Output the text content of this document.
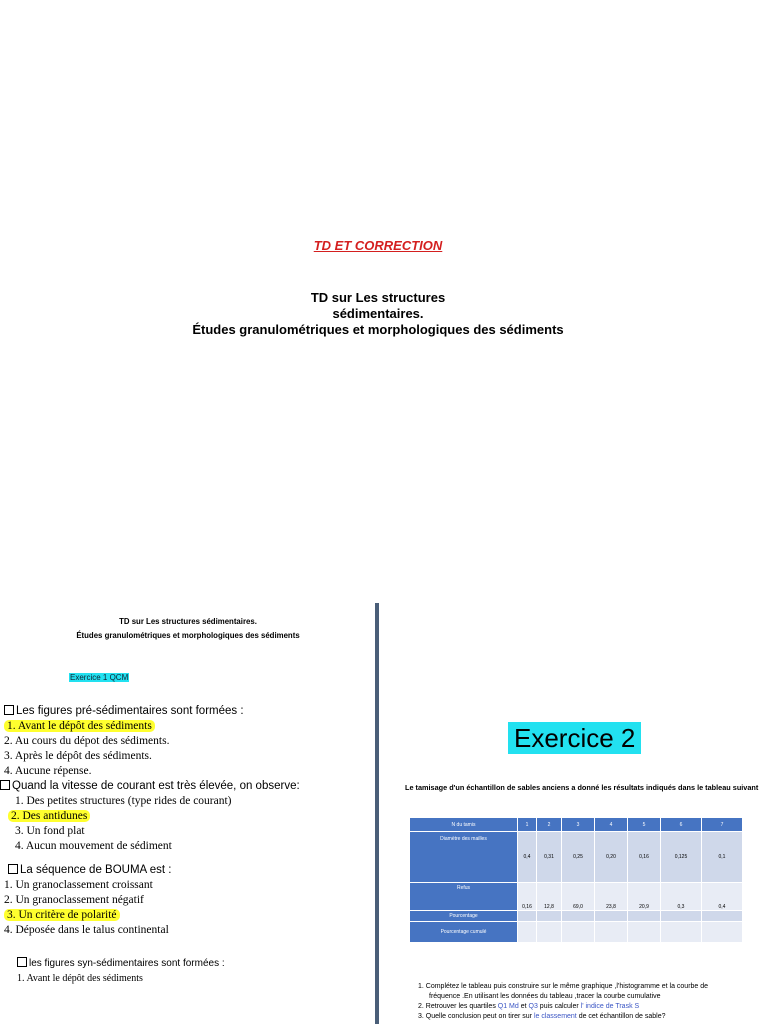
TD ET CORRECTION
TD sur Les structures
sédimentaires.
Études granulométriques et morphologiques des sédiments
TD sur Les structures sédimentaires.
Études granulométriques et morphologiques des sédiments
Exercice 1 QCM
Les figures pré-sédimentaires sont formées :
1. Avant le dépôt des sédiments
2. Au cours du dépot des sédiments.
3. Après le dépôt des sédiments.
4. Aucune répense.
Quand la vitesse de courant est très élevée, on observe:
1. Des petites structures (type rides de courant)
2. Des antidunes
3. Un fond plat
4. Aucun mouvement de sédiment
La séquence de BOUMA est :
1. Un granoclassement croissant
2. Un granoclassement négatif
3. Un critère de polarité
4. Déposée dans le talus continental
les figures syn-sédimentaires sont formées :
1. Avant le dépôt des sédiments
Exercice 2
Le tamisage d'un échantillon de sables anciens a donné les résultats indiqués dans le tableau suivant
N du tamis	1	2	3	4	5	6	7
Diamètre des mailles	0,4	0,31	0,25	0,20	0,16	0,125	0,1
Refus	0,16	12,8	69,0	23,8	20,9	0,3	0,4
Pourcentage							
Pourcentage cumulé							
1. Complétez le tableau puis construire sur le même graphique ,l'histogramme et la courbe de
fréquence .En utilisant les données du tableau ,tracer la courbe cumulative
2. Retrouver les quartiles Q1 Md et Q3 puis calculer l' indice de Trask S
3. Quelle conclusion peut on tirer sur le classement de cet échantillon de sable?
